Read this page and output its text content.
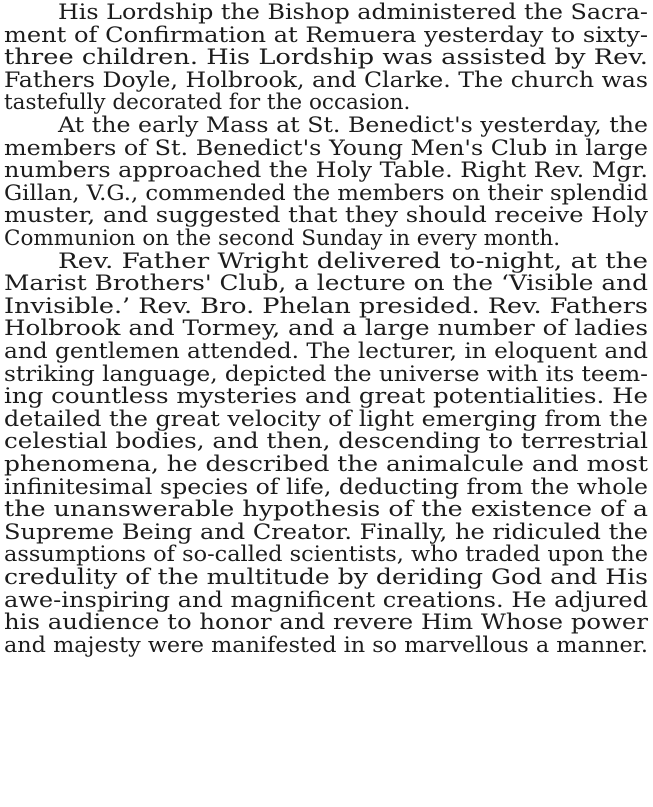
His Lordship the Bishop administered the Sacra-
ment of Confirmation at Remuera yesterday to sixty-
three children. His Lordship was assisted by Rev.
Fathers Doyle, Holbrook, and Clarke. The church was
tastefully decorated for the occasion.
At the early Mass at St. Benedict's yesterday, the
members of St. Benedict's Young Men's Club in large
numbers approached the Holy Table. Right Rev. Mgr.
Gillan, V.G., commended the members on their splendid
muster, and suggested that they should receive Holy
Communion on the second Sunday in every month.
Rev. Father Wright delivered to-night, at the
Marist Brothers' Club, a lecture on the ‘Visible and
Invisible.’ Rev. Bro. Phelan presided. Rev. Fathers
Holbrook and Tormey, and a large number of ladies
and gentlemen attended. The lecturer, in eloquent and
striking language, depicted the universe with its teem-
ing countless mysteries and great potentialities. He
detailed the great velocity of light emerging from the
celestial bodies, and then, descending to terrestrial
phenomena, he described the animalcule and most
infinitesimal species of life, deducting from the whole
the unanswerable hypothesis of the existence of a
Supreme Being and Creator. Finally, he ridiculed the
assumptions of so-called scientists, who traded upon the
credulity of the multitude by deriding God and His
awe-inspiring and magnificent creations. He adjured
his audience to honor and revere Him Whose power
and majesty were manifested in so marvellous a manner.
